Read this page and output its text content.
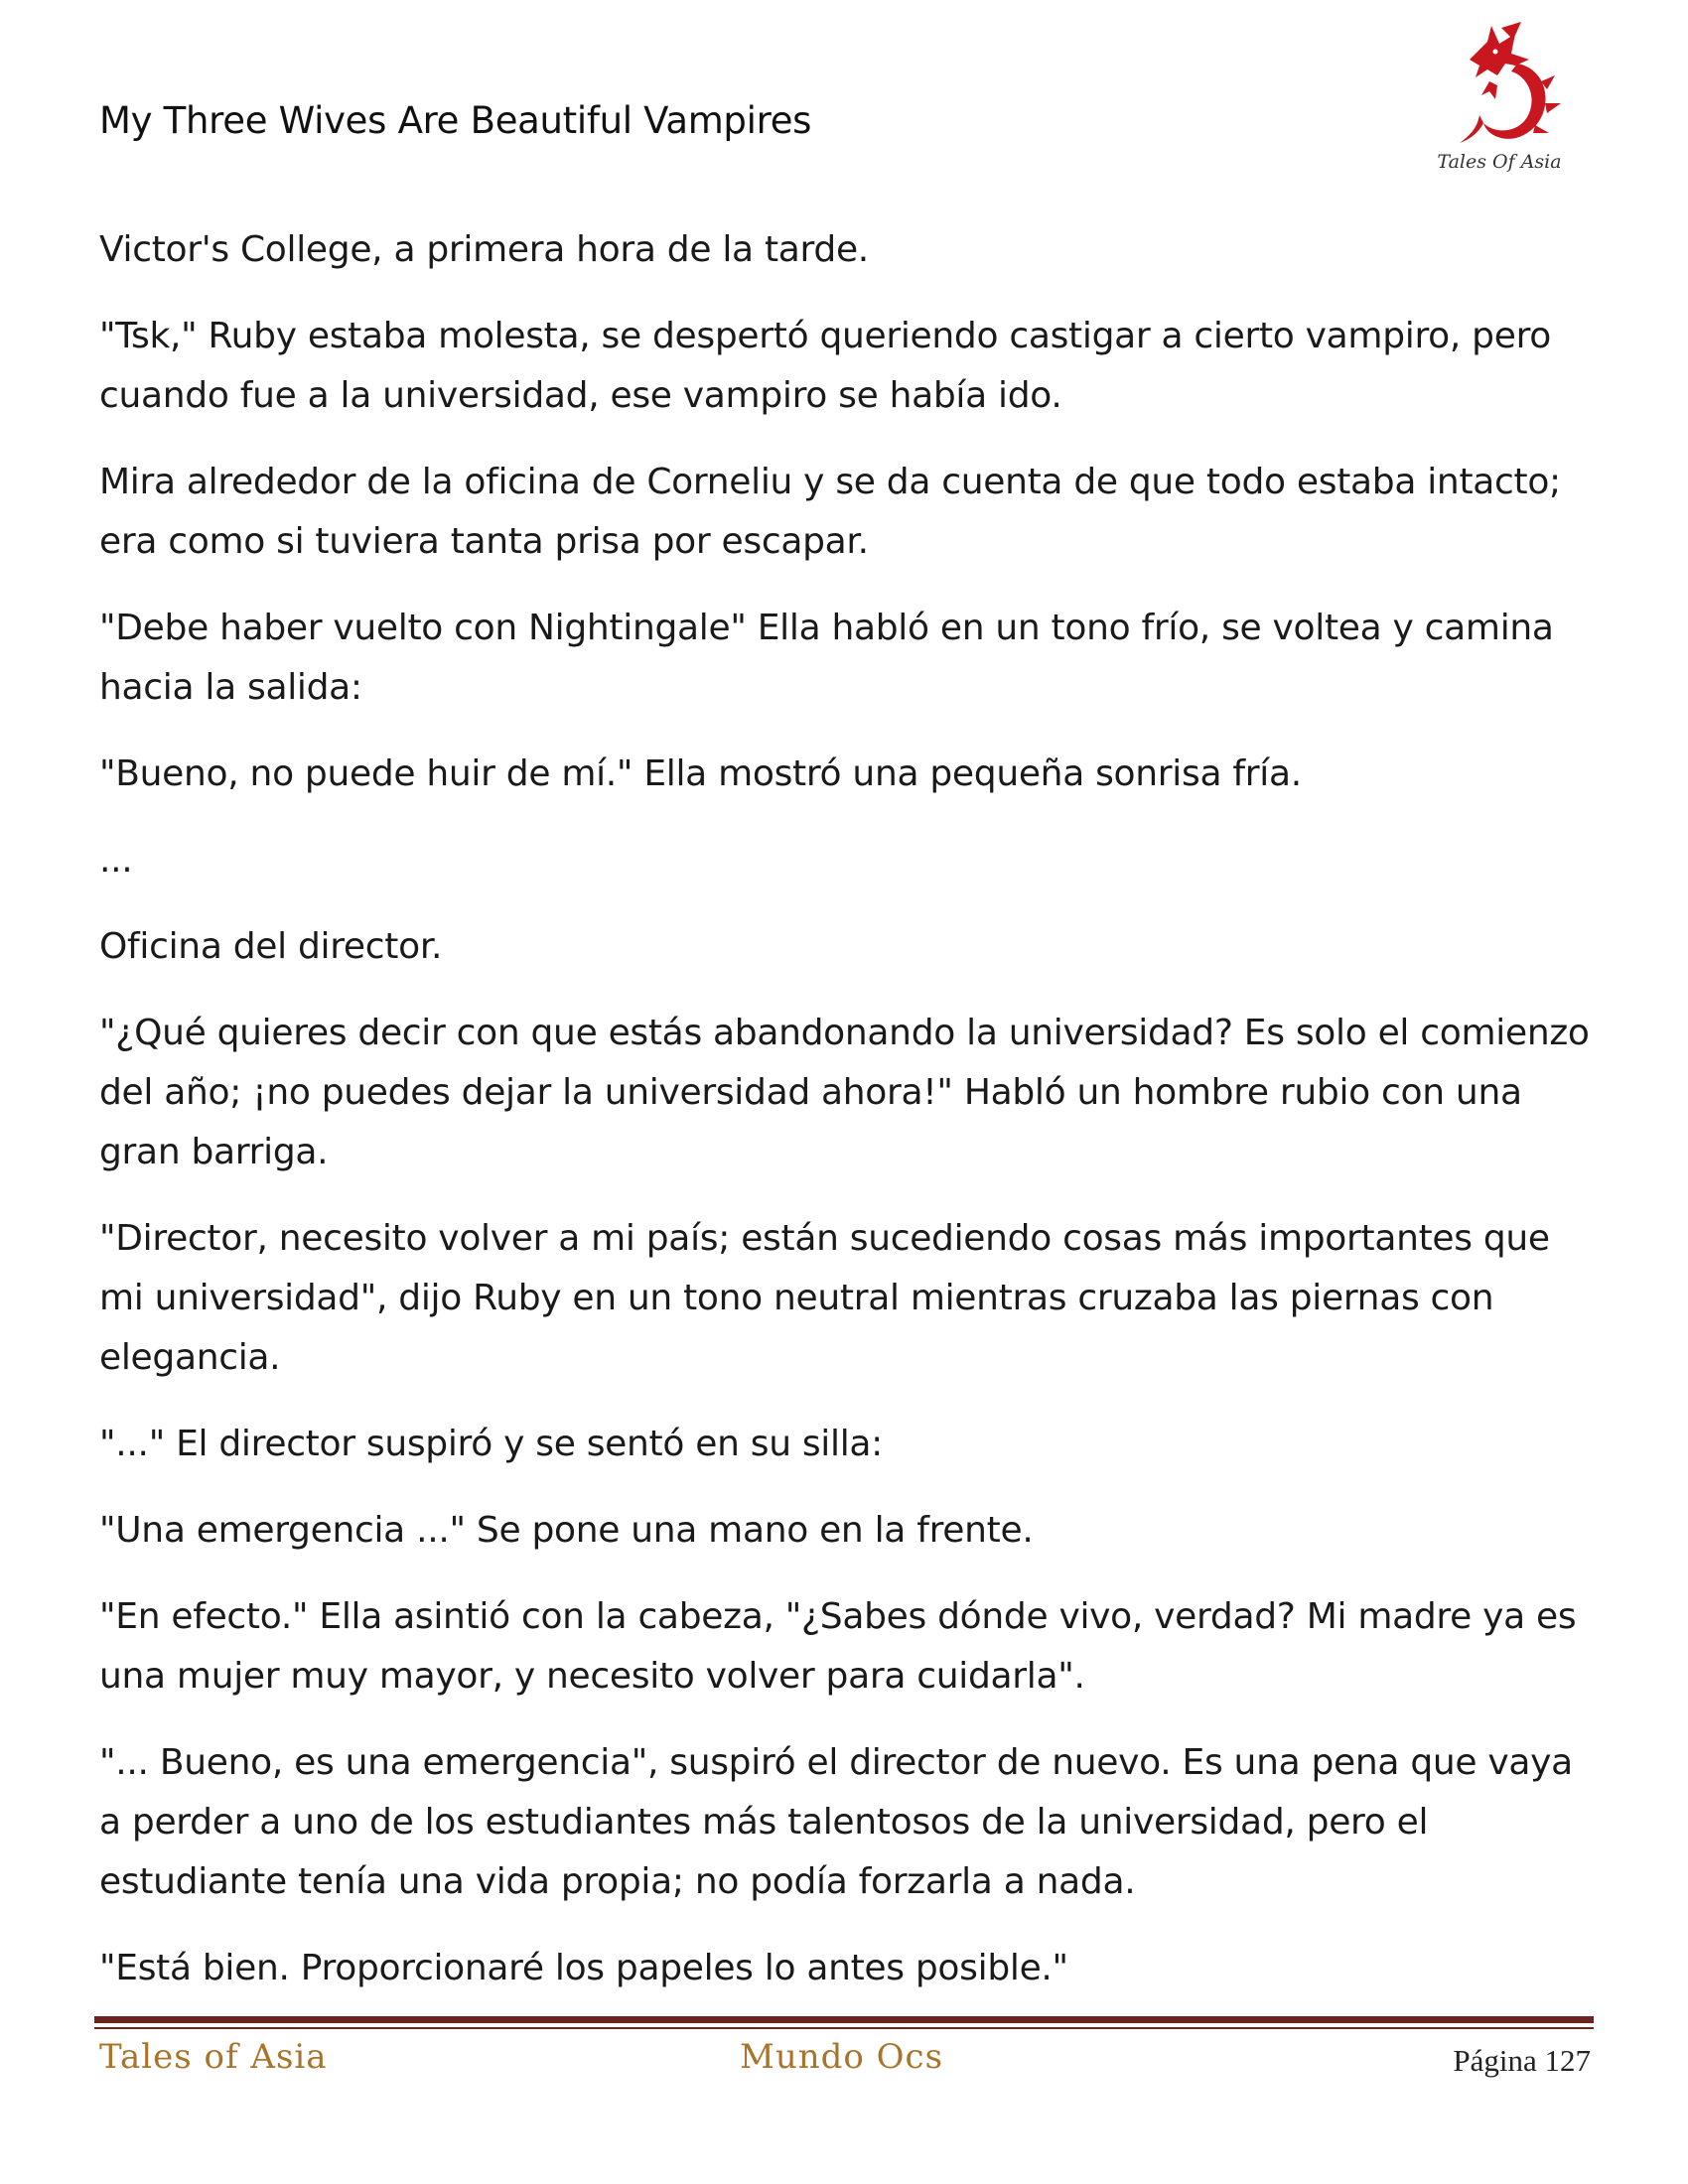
My Three Wives Are Beautiful Vampires
Tales Of Asia

Victor's College, a primera hora de la tarde.

"Tsk," Ruby estaba molesta, se despertó queriendo castigar a cierto vampiro, pero cuando fue a la universidad, ese vampiro se había ido.

Mira alrededor de la oficina de Corneliu y se da cuenta de que todo estaba intacto; era como si tuviera tanta prisa por escapar.

"Debe haber vuelto con Nightingale" Ella habló en un tono frío, se voltea y camina hacia la salida:

"Bueno, no puede huir de mí." Ella mostró una pequeña sonrisa fría.

...

Oficina del director.

"¿Qué quieres decir con que estás abandonando la universidad? Es solo el comienzo del año; ¡no puedes dejar la universidad ahora!" Habló un hombre rubio con una gran barriga.

"Director, necesito volver a mi país; están sucediendo cosas más importantes que mi universidad", dijo Ruby en un tono neutral mientras cruzaba las piernas con elegancia.

"..." El director suspiró y se sentó en su silla:

"Una emergencia ..." Se pone una mano en la frente.

"En efecto." Ella asintió con la cabeza, "¿Sabes dónde vivo, verdad? Mi madre ya es una mujer muy mayor, y necesito volver para cuidarla".

"... Bueno, es una emergencia", suspiró el director de nuevo. Es una pena que vaya a perder a uno de los estudiantes más talentosos de la universidad, pero el estudiante tenía una vida propia; no podía forzarla a nada.

"Está bien. Proporcionaré los papeles lo antes posible."

Tales of Asia	Mundo Ocs	Página 127
